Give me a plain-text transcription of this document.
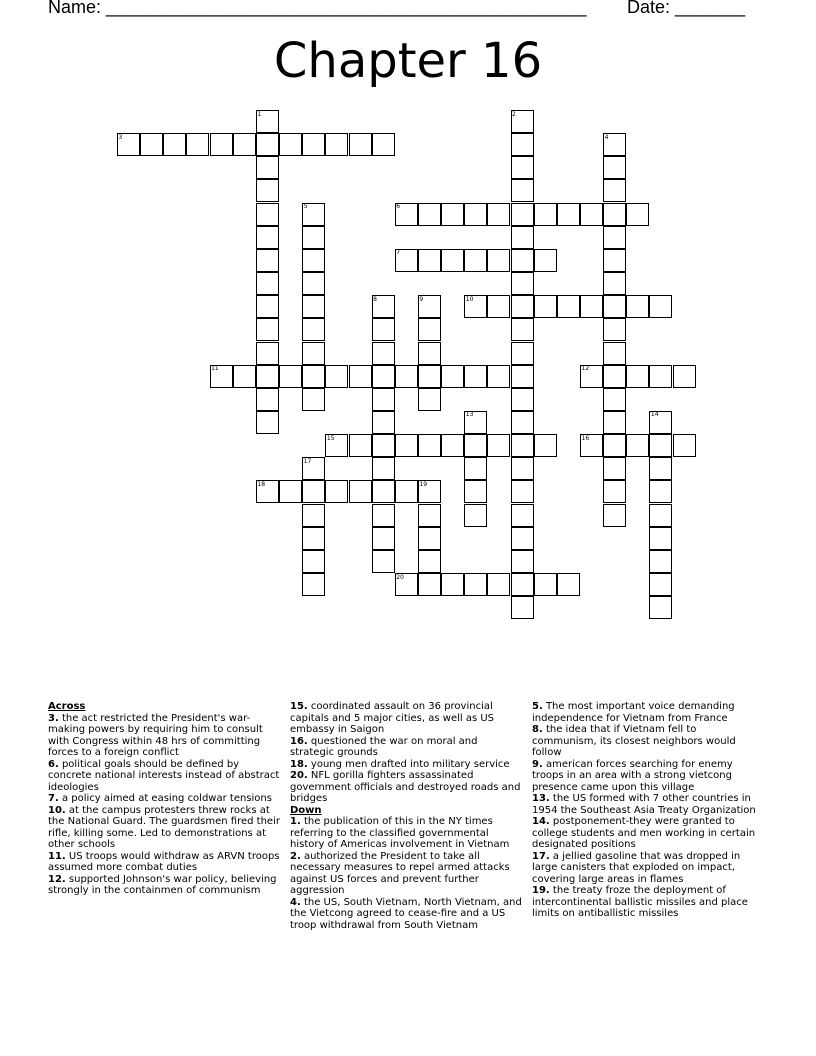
Name: ________________________________________________ Date: _______
Chapter 16
3
6
7
10
11	12
15	16
18
20
1	2
4
5
8	9
13	14
17
19

Across

3. the act restricted the President's war-making powers by requiring him to consult with Congress within 48 hrs of committing forces to a foreign conflict

6. political goals should be defined by concrete national interests instead of abstract ideologies

7. a policy aimed at easing coldwar tensions

10. at the campus protesters threw rocks at the National Guard. The guardsmen fired their rifle, killing some. Led to demonstrations at other schools

11. US troops would withdraw as ARVN troops assumed more combat duties

12. supported Johnson's war policy, believing strongly in the containmen of communism

15. coordinated assault on 36 provincial capitals and 5 major cities, as well as US embassy in Saigon

16. questioned the war on moral and strategic grounds

18. young men drafted into military service

20. NFL gorilla fighters assassinated government officials and destroyed roads and bridges

Down

1. the publication of this in the NY times referring to the classified governmental history of Americas involvement in Vietnam

2. authorized the President to take all necessary measures to repel armed attacks against US forces and prevent further aggression

4. the US, South Vietnam, North Vietnam, and the Vietcong agreed to cease-fire and a US troop withdrawal from South Vietnam

5. The most important voice demanding independence for Vietnam from France

8. the idea that if Vietnam fell to communism, its closest neighbors would follow

9. american forces searching for enemy troops in an area with a strong vietcong presence came upon this village

13. the US formed with 7 other countries in 1954 the Southeast Asia Treaty Organization

14. postponement-they were granted to college students and men working in certain designated positions

17. a jellied gasoline that was dropped in large canisters that exploded on impact, covering large areas in flames

19. the treaty froze the deployment of intercontinental ballistic missiles and place limits on antiballistic missiles
